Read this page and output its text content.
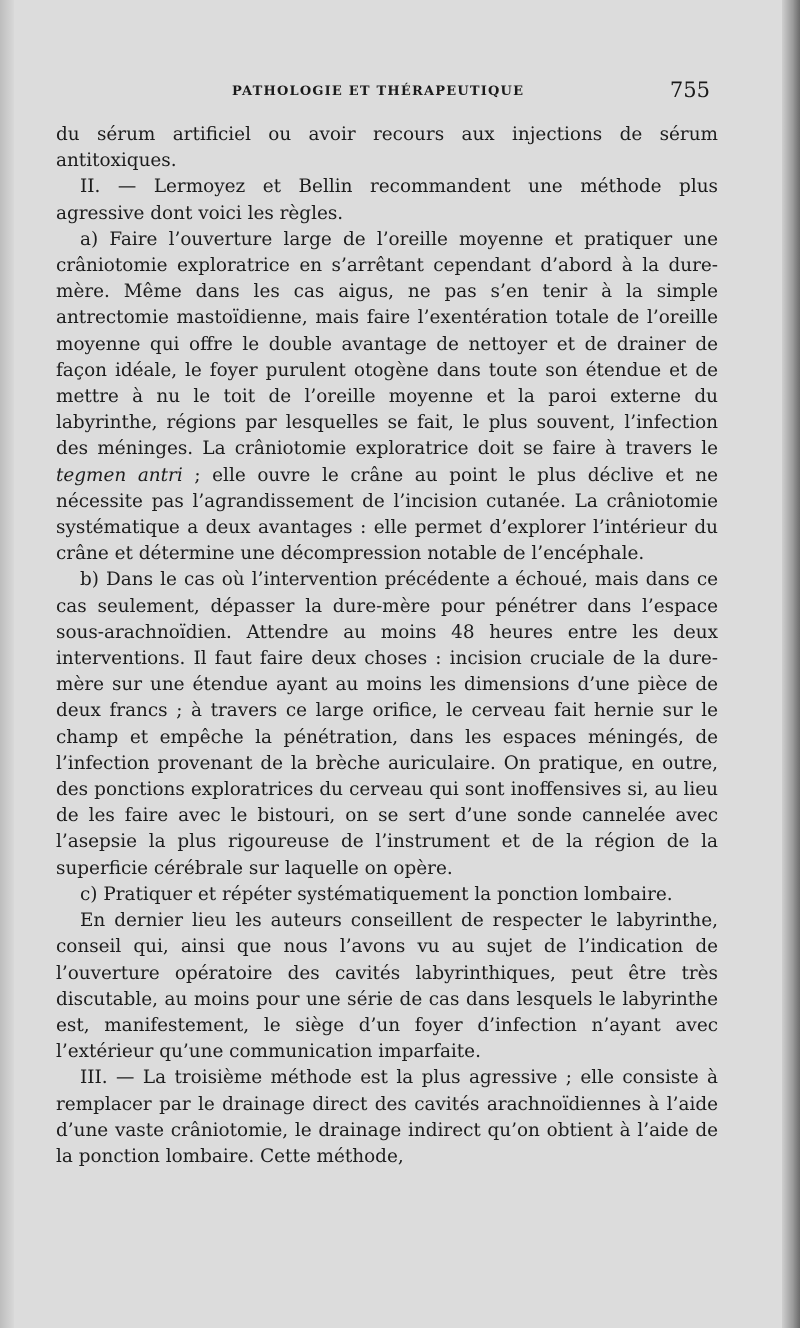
PATHOLOGIE ET THÉRAPEUTIQUE	755

du sérum artificiel ou avoir recours aux injections de sérum antitoxiques.

II. — Lermoyez et Bellin recommandent une méthode plus agressive dont voici les règles.

a) Faire l’ouverture large de l’oreille moyenne et pratiquer une crâniotomie exploratrice en s’arrêtant cependant d’abord à la dure-mère. Même dans les cas aigus, ne pas s’en tenir à la simple antrectomie mastoïdienne, mais faire l’exentération totale de l’oreille moyenne qui offre le double avantage de nettoyer et de drainer de façon idéale, le foyer purulent otogène dans toute son étendue et de mettre à nu le toit de l’oreille moyenne et la paroi externe du labyrinthe, régions par lesquelles se fait, le plus souvent, l’infection des méninges. La crâniotomie exploratrice doit se faire à travers le tegmen antri ; elle ouvre le crâne au point le plus déclive et ne nécessite pas l’agrandissement de l’incision cutanée. La crâniotomie systématique a deux avantages : elle permet d’explorer l’intérieur du crâne et détermine une décompression notable de l’encéphale.

b) Dans le cas où l’intervention précédente a échoué, mais dans ce cas seulement, dépasser la dure-mère pour pénétrer dans l’espace sous-arachnoïdien. Attendre au moins 48 heures entre les deux interventions. Il faut faire deux choses : incision cruciale de la dure-mère sur une étendue ayant au moins les dimensions d’une pièce de deux francs ; à travers ce large orifice, le cerveau fait hernie sur le champ et empêche la pénétration, dans les espaces méningés, de l’infection provenant de la brèche auriculaire. On pratique, en outre, des ponctions exploratrices du cerveau qui sont inoffensives si, au lieu de les faire avec le bistouri, on se sert d’une sonde cannelée avec l’asepsie la plus rigoureuse de l’instrument et de la région de la superficie cérébrale sur laquelle on opère.

c) Pratiquer et répéter systématiquement la ponction lombaire.

En dernier lieu les auteurs conseillent de respecter le labyrinthe, conseil qui, ainsi que nous l’avons vu au sujet de l’indication de l’ouverture opératoire des cavités labyrinthiques, peut être très discutable, au moins pour une série de cas dans lesquels le labyrinthe est, manifestement, le siège d’un foyer d’infection n’ayant avec l’extérieur qu’une communication imparfaite.

III. — La troisième méthode est la plus agressive ; elle consiste à remplacer par le drainage direct des cavités arachnoïdiennes à l’aide d’une vaste crâniotomie, le drainage indirect qu’on obtient à l’aide de la ponction lombaire. Cette méthode,
